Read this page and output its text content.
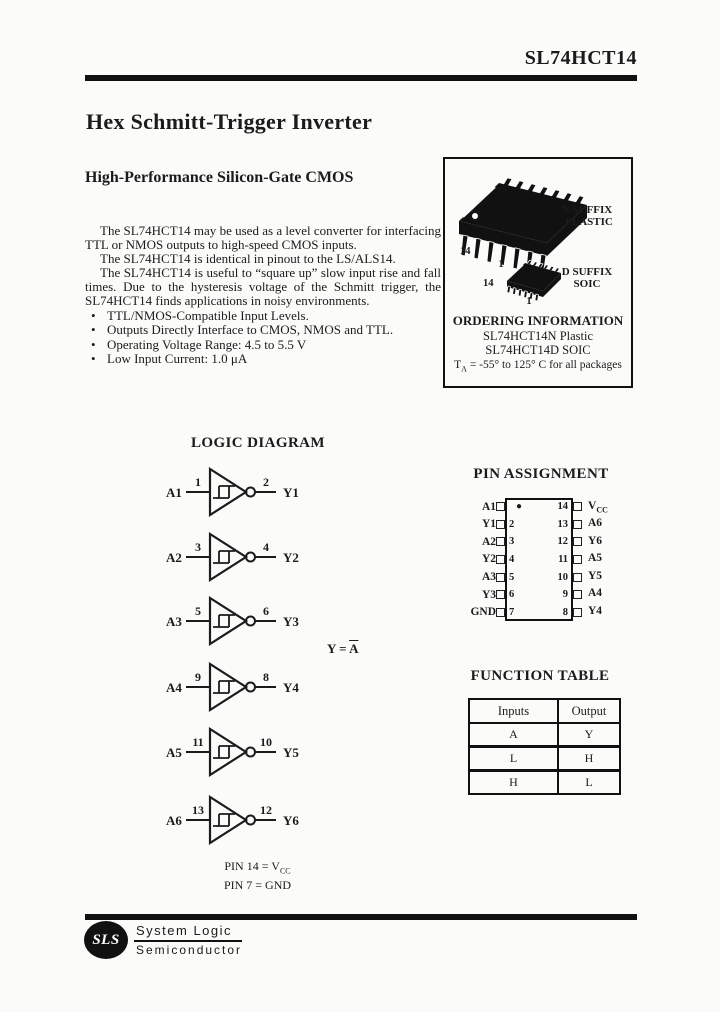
SL74HCT14
Hex Schmitt-Trigger Inverter
High-Performance Silicon-Gate CMOS

The SL74HCT14 may be used as a level converter for interfacing TTL or NMOS outputs to high-speed CMOS inputs.

The SL74HCT14 is identical in pinout to the LS/ALS14.

The SL74HCT14 is useful to “square up” slow input rise and fall times. Due to the hysteresis voltage of the Schmitt trigger, the SL74HCT14 finds applications in noisy environments.

• TTL/NMOS-Compatible Input Levels.
• Outputs Directly Interface to CMOS, NMOS and TTL.
• Operating Voltage Range: 4.5 to 5.5 V
• Low Input Current: 1.0 μA
14
1
N SUFFIX
PLASTIC
14
1
D SUFFIX
SOIC
ORDERING INFORMATION
SL74HCT14N Plastic
SL74HCT14D SOIC
$T_A = -55^\circ$ to 125° C for all packages
LOGIC DIAGRAM
A1
1	2
Y1
A2
3	4
Y2
A3
5	6
Y3
A4
9	8
Y4
A5
11	10
Y5
A6
13	12
Y6
$Y = \overline{A}$
PIN $14 = V_{CC}$
PIN 7 = GND
PIN ASSIGNMENT
A1	●	14	$V_{CC}$
Y1	2	13	A6
A2	3	12	Y6
Y2	4	11	A5
A3	5	10	Y5
Y3	6	9	A4
GND	7	8	Y4
FUNCTION TABLE
Inputs	Output
A	Y
L	H
H	L
SLS
System Logic
Semiconductor
